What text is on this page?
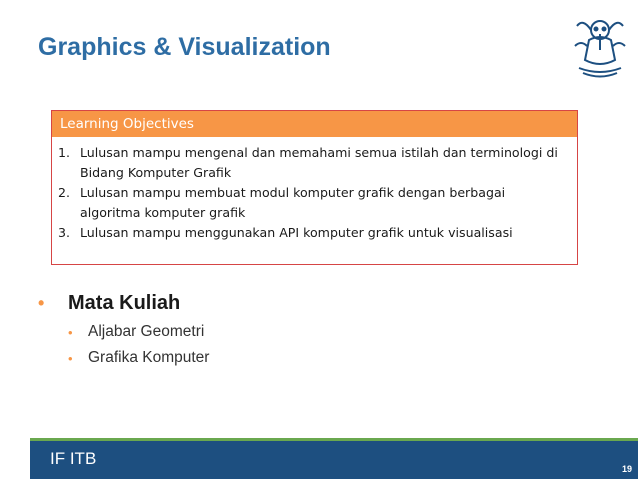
Graphics & Visualization
Learning Objectives
1. Lulusan mampu mengenal dan memahami semua istilah dan terminologi di Bidang Komputer Grafik
2. Lulusan mampu membuat modul komputer grafik dengan berbagai algoritma komputer grafik
3. Lulusan mampu menggunakan API komputer grafik untuk visualisasi
•	Mata Kuliah
• Aljabar Geometri
• Grafika Komputer
IF ITB
19
